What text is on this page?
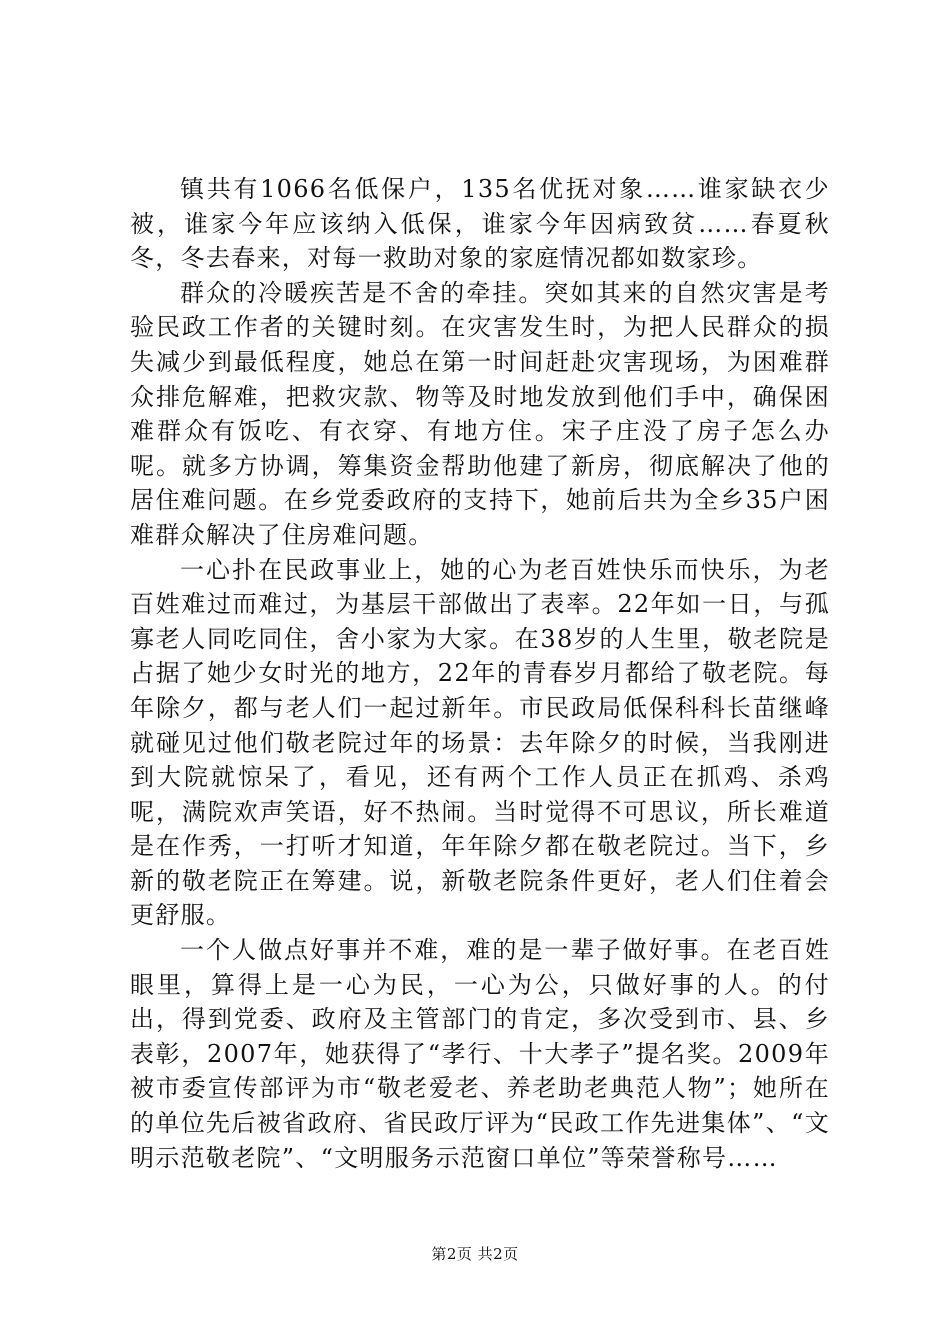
镇共有1066名低保户，135名优抚对象……谁家缺衣少被，谁家今年应该纳入低保，谁家今年因病致贫……春夏秋冬，冬去春来，对每一救助对象的家庭情况都如数家珍。

群众的冷暖疾苦是不舍的牵挂。突如其来的自然灾害是考验民政工作者的关键时刻。在灾害发生时，为把人民群众的损失减少到最低程度，她总在第一时间赶赴灾害现场，为困难群众排危解难，把救灾款、物等及时地发放到他们手中，确保困难群众有饭吃、有衣穿、有地方住。宋子庄没了房子怎么办呢。就多方协调，筹集资金帮助他建了新房，彻底解决了他的居住难问题。在乡党委政府的支持下，她前后共为全乡35户困难群众解决了住房难问题。

一心扑在民政事业上，她的心为老百姓快乐而快乐，为老百姓难过而难过，为基层干部做出了表率。22年如一日，与孤寡老人同吃同住，舍小家为大家。在38岁的人生里，敬老院是占据了她少女时光的地方，22年的青春岁月都给了敬老院。每年除夕，都与老人们一起过新年。市民政局低保科科长苗继峰就碰见过他们敬老院过年的场景：去年除夕的时候，当我刚进到大院就惊呆了，看见，还有两个工作人员正在抓鸡、杀鸡呢，满院欢声笑语，好不热闹。当时觉得不可思议，所长难道是在作秀，一打听才知道，年年除夕都在敬老院过。当下，乡新的敬老院正在筹建。说，新敬老院条件更好，老人们住着会更舒服。

一个人做点好事并不难，难的是一辈子做好事。在老百姓眼里，算得上是一心为民，一心为公，只做好事的人。的付出，得到党委、政府及主管部门的肯定，多次受到市、县、乡表彰，2007年，她获得了“孝行、十大孝子”提名奖。2009年被市委宣传部评为市“敬老爱老、养老助老典范人物”；她所在的单位先后被省政府、省民政厅评为“民政工作先进集体”、“文明示范敬老院”、“文明服务示范窗口单位”等荣誉称号……

第2页 共2页
